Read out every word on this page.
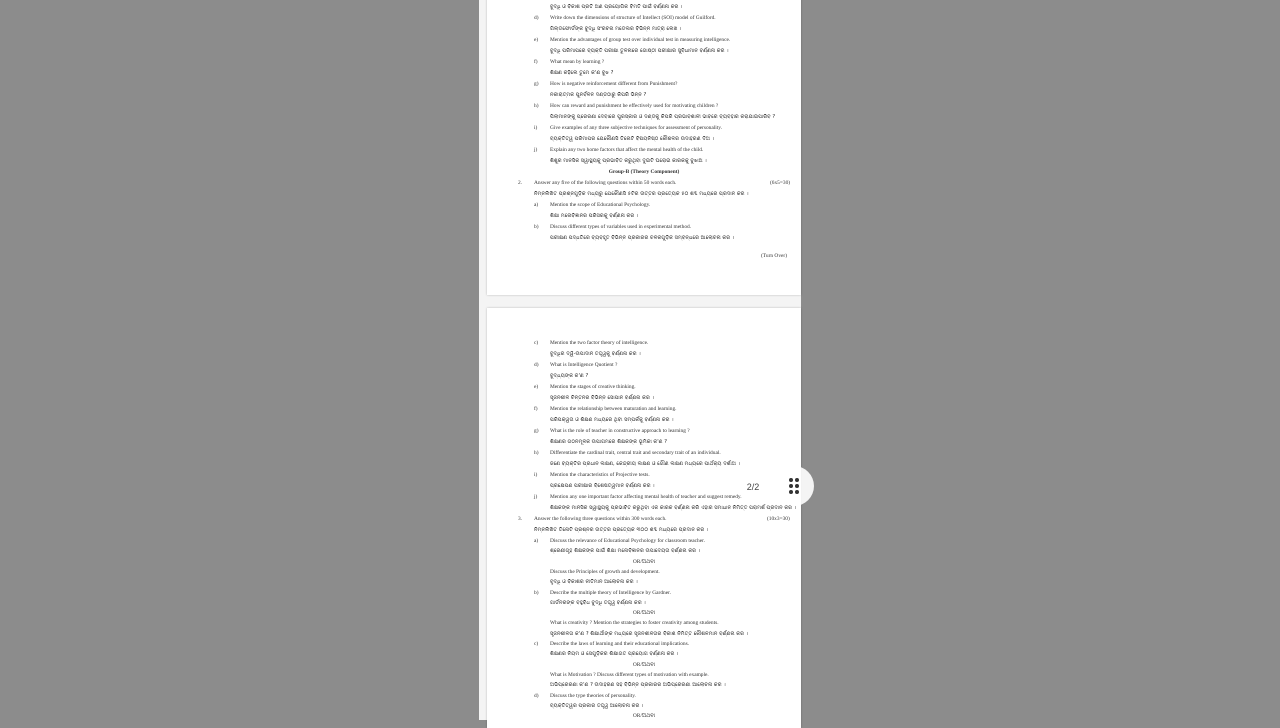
ବୁଦ୍ଧି ଓ ବିକାଶ ପ୍ରତି ଅଣ ପ୍ରୟୋଗିକ ବିମତି ପାଇଁ ବର୍ଣ୍ଣନା କର ।
d) Write down the dimensions of structure of Intellect (SOI) model of Guilford.
ଗିଲ୍ଡଫୋର୍ଡଙ୍କ ବୁଦ୍ଧି ସଂରଚନା ମଡେଲର ବିଭିନ୍ନ ମାତ୍ରା ଲେଖ ।
e) Mention the advantages of group test over individual test in measuring intelligence.
ବୁଦ୍ଧି ପରିମାପରେ ବ୍ୟକ୍ତି ପରୀକ୍ଷା ତୁଳନାରେ ଗୋଷ୍ଠୀ ପରୀକ୍ଷାର ସୁବିଧାମାନ ବର୍ଣ୍ଣନା କର ।
f) What mean by learning ?
ଶିକ୍ଷଣ କହିଲେ ତୁମେ କ'ଣ ବୁଝ ?
g) How is negative reinforcement different from Punishment?
ନକାରାତ୍ମକ ପୁନର୍ବଳନ ଦଣ୍ଡଠାରୁ କିପରି ଭିନ୍ନ ?
h) How can reward and punishment be effectively used for motivating children ?
ପିଲାମାନଙ୍କୁ ପ୍ରେରଣା ଦେବାରେ ପୁରସ୍କାର ଓ ଦଣ୍ଡକୁ କିପରି ପ୍ରଭାବଶାଳୀ ଭାବରେ ବ୍ୟବହାର କରାଯାଇପାରିବ ?
i) Give examples of any three subjective techniques for assessment of personality.
ବ୍ୟକ୍ତିତ୍ୱ ପରିମାପର ଯେକୌଣସି ତିନୋଟି ବିଷୟନିଷ୍ଠ କୌଶଳର ଉଦାହରଣ ଦିଅ ।
j) Explain any two home factors that affect the mental health of the child.
ଶିଶୁର ମାନସିକ ସ୍ୱାସ୍ଥ୍ୟକୁ ପ୍ରଭାବିତ କରୁଥିବା ଦୁଇଟି ଘରୋଇ କାରକକୁ ବୁଝାଅ ।
Group-B (Theory Component)
2. Answer any five of the following questions within 50 words each.	(6x5=30)
ନିମ୍ନଲିଖିତ ପ୍ରଶ୍ନଗୁଡ଼ିକ ମଧ୍ୟରୁ ଯେକୌଣସି ୫ଟିର ଉତ୍ତର ପ୍ରତ୍ୟେକ ୫୦ ଶବ୍ଦ ମଧ୍ୟରେ ପ୍ରଦାନ କର ।
a) Mention the scope of Educational Psychology.
ଶିକ୍ଷା ମନୋବିଜ୍ଞାନର ପରିସରକୁ ବର୍ଣ୍ଣନା କର ।
b) Discuss different types of variables used in experimental method.
ପରୀକ୍ଷଣ ପଦ୍ଧତିରେ ବ୍ୟବହୃତ ବିଭିନ୍ନ ପ୍ରକାରର ଚଳକଗୁଡ଼ିକ ସମ୍ବନ୍ଧରେ ଆଲୋଚନା କର ।
(Turn Over)
c) Mention the two factor theory of intelligence.
ବୁଦ୍ଧିର ଦ୍ୱି-ଉପାଦାନ ତତ୍ତ୍ୱକୁ ବର୍ଣ୍ଣନା କର ।
d) What is Intelligence Quotient ?
ବୁଦ୍ଧ୍ୟଙ୍କ କ'ଣ ?
e) Mention the stages of creative thinking.
ସୃଜନଶୀଳ ଚିନ୍ତନର ବିଭିନ୍ନ ସୋପାନ ବର୍ଣ୍ଣନା କର ।
f) Mention the relationship between maturation and learning.
ପରିପକ୍ୱତା ଓ ଶିକ୍ଷଣ ମଧ୍ୟରେ ଥିବା ସମ୍ପର୍କକୁ ବର୍ଣ୍ଣନା କର ।
g) What is the role of teacher in constructive approach to learning ?
ଶିକ୍ଷଣର ଗଠନମୂଳକ ଉପାଗମରେ ଶିକ୍ଷକଙ୍କ ଭୂମିକା କ'ଣ ?
h) Differentiate the cardinal trait, central trait and secondary trait of an individual.
ଜଣେ ବ୍ୟକ୍ତିର ପ୍ରଧାନ ଲକ୍ଷଣ, କେନ୍ଦ୍ରୀୟ ଲକ୍ଷଣ ଓ ଗୌଣ ଲକ୍ଷଣ ମଧ୍ୟରେ ପାର୍ଥକ୍ୟ ଦର୍ଶାଅ ।
i) Mention the characteristics of Projective tests.
ପ୍ରକ୍ଷେପଣ ପରୀକ୍ଷାର ବିଶେଷତ୍ୱମାନ ବର୍ଣ୍ଣନା କର ।
j) Mention any one important factor affecting mental health of teacher and suggest remedy.
ଶିକ୍ଷକଙ୍କ ମାନସିକ ସ୍ୱାସ୍ଥ୍ୟକୁ ପ୍ରଭାବିତ କରୁଥିବା ଏକ କାରକ ବର୍ଣ୍ଣନା କରି ଏହାର ସମାଧାନ ନିମିତ୍ତ ପରାମର୍ଶ ପ୍ରଦାନ କର ।
3. Answer the following three questions within 300 words each.	(10x3=30)
ନିମ୍ନଲିଖିତ ତିନୋଟି ପ୍ରଶ୍ନର ଉତ୍ତର ପ୍ରତ୍ୟେକ ୩୦୦ ଶବ୍ଦ ମଧ୍ୟରେ ପ୍ରଦାନ କର ।
a) Discuss the relevance of Educational Psychology for classroom teacher.
ଶ୍ରେଣୀଗୃହ ଶିକ୍ଷକଙ୍କ ପାଇଁ ଶିକ୍ଷା ମନୋବିଜ୍ଞାନର ଉପାଦେୟତା ବର୍ଣ୍ଣନା କର ।
OR/ଅଥବା
Discuss the Principles of growth and development.
ବୃଦ୍ଧି ଓ ବିକାଶର ନୀତିମାନ ଆଲୋଚନା କର ।
b) Describe the multiple theory of Intelligence by Gardner.
ଗାର୍ଡନରଙ୍କ ବହୁବିଧ ବୁଦ୍ଧି ତତ୍ତ୍ୱ ବର୍ଣ୍ଣନା କର ।
OR/ଅଥବା
What is creativity ? Mention the strategies to foster creativity among students.
ସୃଜନଶୀଳତା କ'ଣ ? ଶିକ୍ଷାର୍ଥୀଙ୍କ ମଧ୍ୟରେ ସୃଜନଶୀଳତାର ବିକାଶ ନିମିତ୍ତ କୌଶଳମାନ ବର୍ଣ୍ଣନା କର ।
c) Describe the laws of learning and their educational implications.
ଶିକ୍ଷଣର ନିୟମ ଓ ସେଗୁଡ଼ିକର ଶିକ୍ଷାଗତ ପ୍ରୟୋଗ ବର୍ଣ୍ଣନା କର ।
OR/ଅଥବା
What is Motivation ? Discuss different types of motivation with example.
ଅଭିପ୍ରେରଣା କ'ଣ ? ଉଦାହରଣ ସହ ବିଭିନ୍ନ ପ୍ରକାରର ଅଭିପ୍ରେରଣା ଆଲୋଚନା କର ।
d) Discuss the type theories of personality.
ବ୍ୟକ୍ତିତ୍ୱର ପ୍ରକାର ତତ୍ତ୍ୱ ଆଲୋଚନା କର ।
OR/ଅଥବା
2/2
